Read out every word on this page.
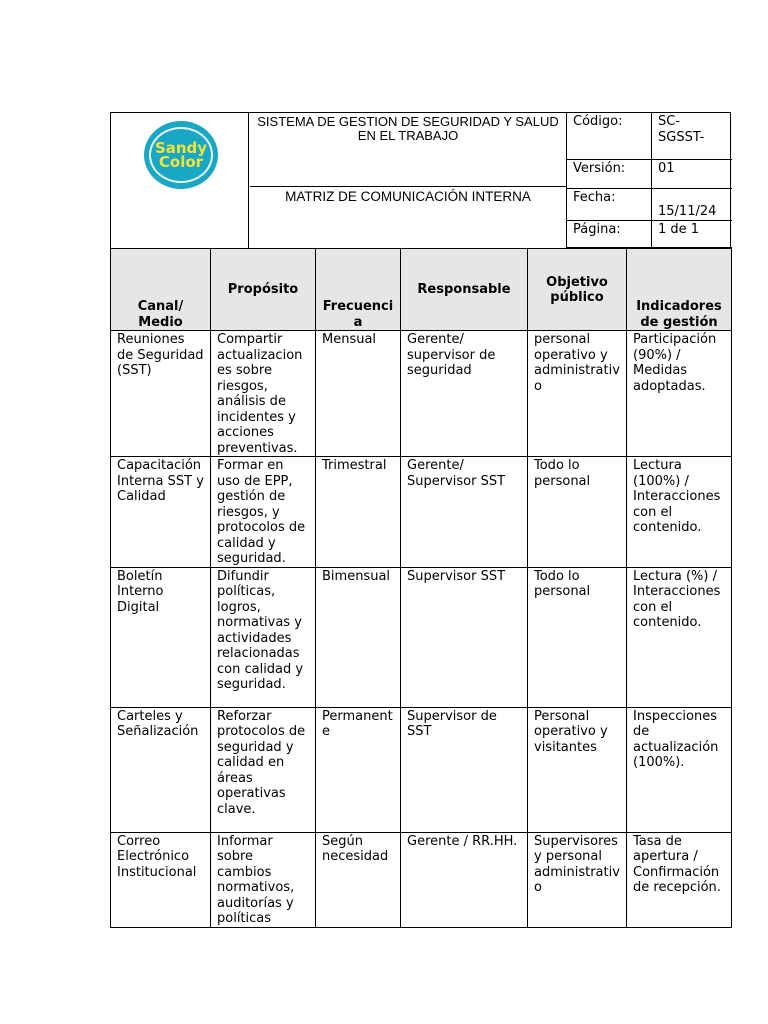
Sandy
Color
SISTEMA DE GESTION DE SEGURIDAD Y SALUD EN EL TRABAJO
MATRIZ DE COMUNICACIÓN INTERNA
Código:	SC-SGSST-
Versión:	01
Fecha:
15/11/24
Página:	1 de 1
Canal/ Medio	Propósito	Frecuencia	Responsable	Objetivo público	Indicadores de gestión
Reuniones de Seguridad (SST)	Compartir actualizaciones sobre riesgos, análisis de incidentes y acciones preventivas.	Mensual	Gerente/ supervisor de seguridad	personal operativo y administrativo	Participación (90%) / Medidas adoptadas.
Capacitación Interna SST y Calidad	Formar en uso de EPP, gestión de riesgos, y protocolos de calidad y seguridad.	Trimestral	Gerente/ Supervisor SST	Todo lo personal	Lectura (100%) / Interacciones con el contenido.
Boletín Interno Digital	Difundir políticas, logros, normativas y actividades relacionadas con calidad y seguridad.	Bimensual	Supervisor SST	Todo lo personal	Lectura (%) / Interacciones con el contenido.
Carteles y Señalización	Reforzar protocolos de seguridad y calidad en áreas operativas clave.	Permanente	Supervisor de SST	Personal operativo y visitantes	Inspecciones de actualización (100%).
Correo Electrónico Institucional	Informar sobre cambios normativos, auditorías y políticas	Según necesidad	Gerente / RR.HH.	Supervisores y personal administrativo	Tasa de apertura / Confirmación de recepción.
